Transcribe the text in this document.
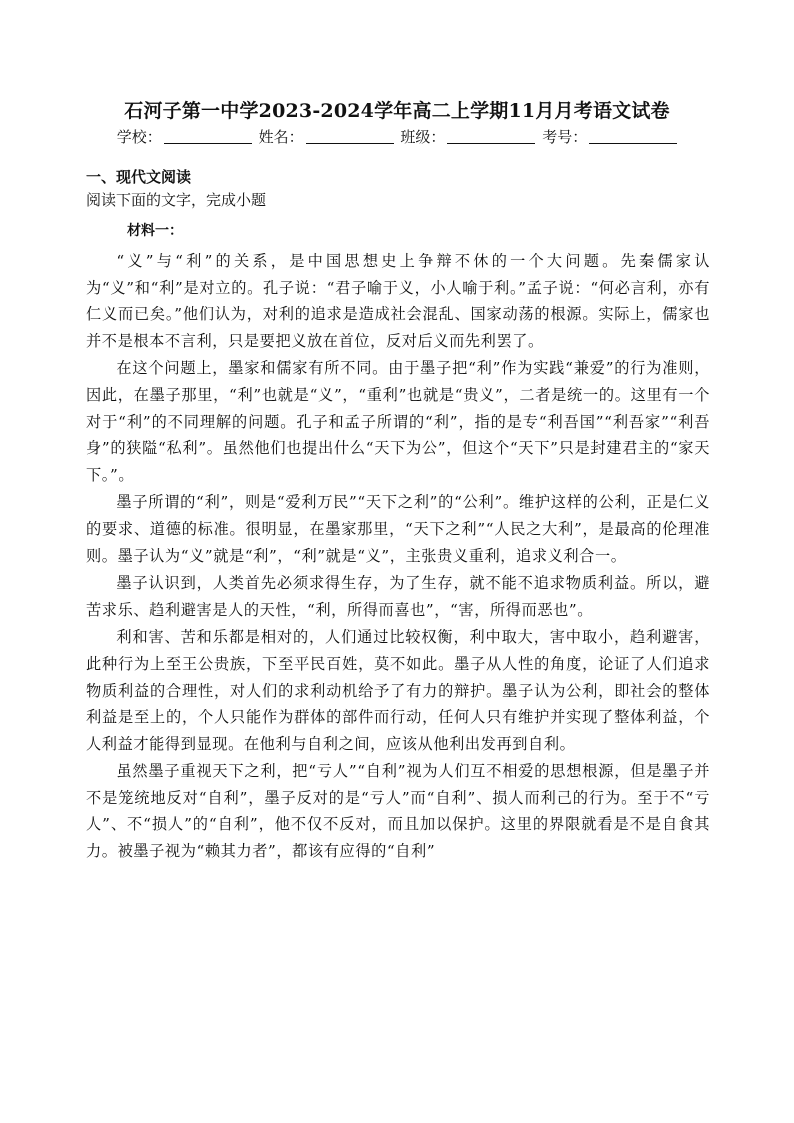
石河子第一中学2023-2024学年高二上学期11月月考语文试卷
学校：	姓名：	班级：	考号：
一、现代文阅读
阅读下面的文字，完成小题
材料一：

“义”与“利”的关系，是中国思想史上争辩不休的一个大问题。先秦儒家认为“义”和“利”是对立的。孔子说：“君子喻于义，小人喻于利。”孟子说：“何必言利，亦有仁义而已矣。”他们认为，对利的追求是造成社会混乱、国家动荡的根源。实际上，儒家也并不是根本不言利，只是要把义放在首位，反对后义而先利罢了。

在这个问题上，墨家和儒家有所不同。由于墨子把“利”作为实践“兼爱”的行为准则，因此，在墨子那里，“利”也就是“义”，“重利”也就是“贵义”，二者是统一的。这里有一个对于“利”的不同理解的问题。孔子和孟子所谓的“利”，指的是专“利吾国”“利吾家”“利吾身”的狭隘“私利”。虽然他们也提出什么“天下为公”，但这个“天下”只是封建君主的“家天下。”。

墨子所谓的“利”，则是“爱利万民”“天下之利”的“公利”。维护这样的公利，正是仁义的要求、道德的标准。很明显，在墨家那里，“天下之利”“人民之大利”，是最高的伦理准则。墨子认为“义”就是“利”，“利”就是“义”，主张贵义重利，追求义利合一。

墨子认识到，人类首先必须求得生存，为了生存，就不能不追求物质利益。所以，避苦求乐、趋利避害是人的天性，“利，所得而喜也”，“害，所得而恶也”。

利和害、苦和乐都是相对的，人们通过比较权衡，利中取大，害中取小，趋利避害，此种行为上至王公贵族，下至平民百姓，莫不如此。墨子从人性的角度，论证了人们追求物质利益的合理性，对人们的求利动机给予了有力的辩护。墨子认为公利，即社会的整体利益是至上的，个人只能作为群体的部件而行动，任何人只有维护并实现了整体利益，个人利益才能得到显现。在他利与自利之间，应该从他利出发再到自利。

虽然墨子重视天下之利，把“亏人”“自利”视为人们互不相爱的思想根源，但是墨子并不是笼统地反对“自利”，墨子反对的是“亏人”而“自利”、损人而利己的行为。至于不“亏人”、不“损人”的“自利”，他不仅不反对，而且加以保护。这里的界限就看是不是自食其力。被墨子视为“赖其力者”，都该有应得的“自利”
